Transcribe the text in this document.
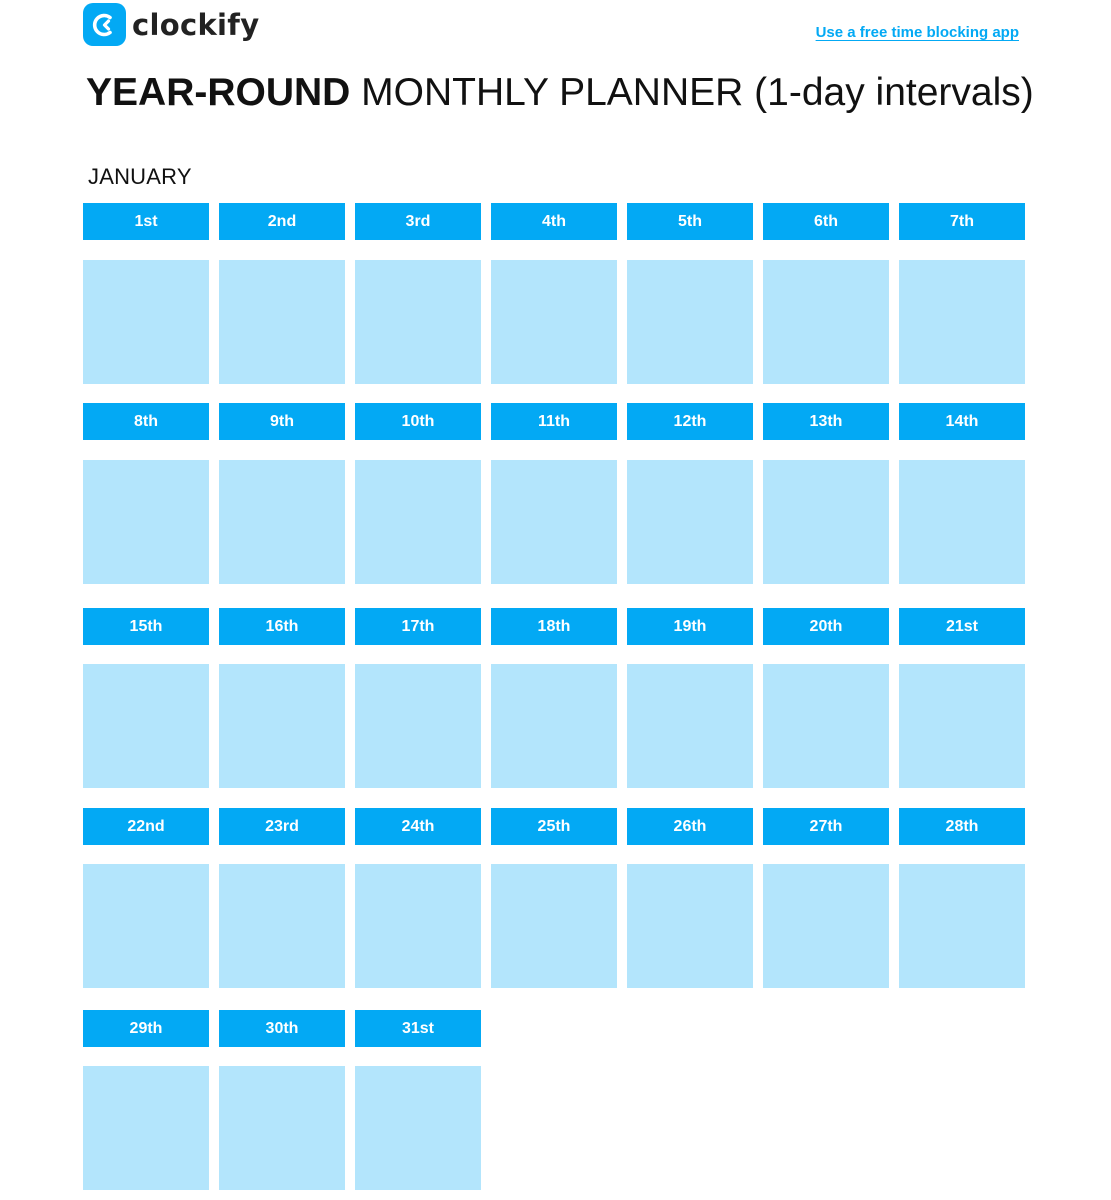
clockify	Use a free time blocking app
YEAR-ROUND MONTHLY PLANNER (1-day intervals)
JANUARY
1st	2nd	3rd	4th	5th	6th	7th
8th	9th	10th	11th	12th	13th	14th
15th	16th	17th	18th	19th	20th	21st
22nd	23rd	24th	25th	26th	27th	28th
29th	30th	31st
